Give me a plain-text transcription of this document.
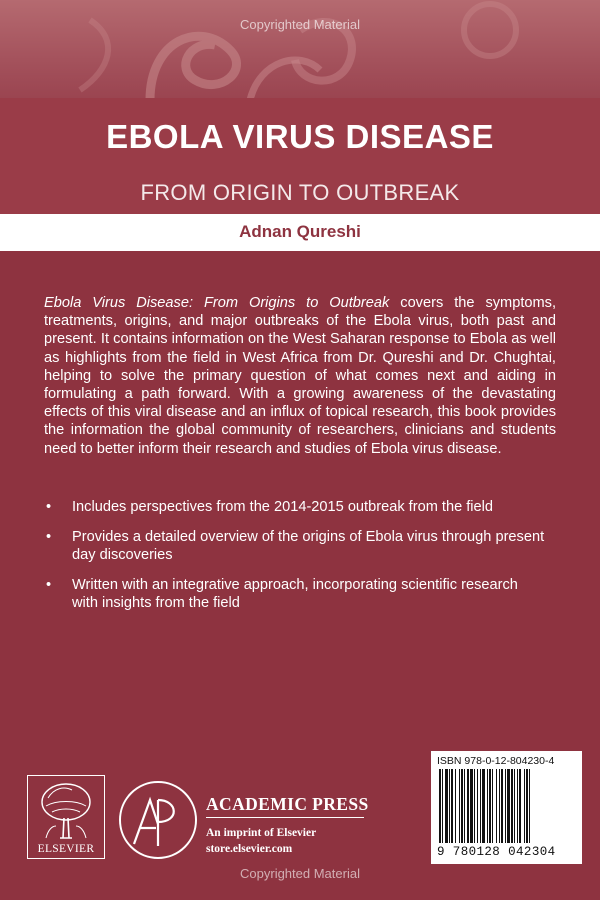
Copyrighted Material
EBOLA VIRUS DISEASE
FROM ORIGIN TO OUTBREAK
Adnan Qureshi

Ebola Virus Disease: From Origins to Outbreak covers the symptoms, treatments, origins, and major outbreaks of the Ebola virus, both past and present. It contains information on the West Saharan response to Ebola as well as highlights from the field in West Africa from Dr. Qureshi and Dr. Chughtai, helping to solve the primary question of what comes next and aiding in formulating a path forward. With a growing awareness of the devastating effects of this viral disease and an influx of topical research, this book provides the information the global community of researchers, clinicians and students need to better inform their research and studies of Ebola virus disease.

• Includes perspectives from the 2014-2015 outbreak from the field
• Provides a detailed overview of the origins of Ebola virus through present day discoveries
• Written with an integrative approach, incorporating scientific research with insights from the field
ELSEVIER
ACADEMIC PRESS
An imprint of Elsevier
store.elsevier.com
ISBN 978-0-12-804230-4
9 780128 042304
Copyrighted Material
